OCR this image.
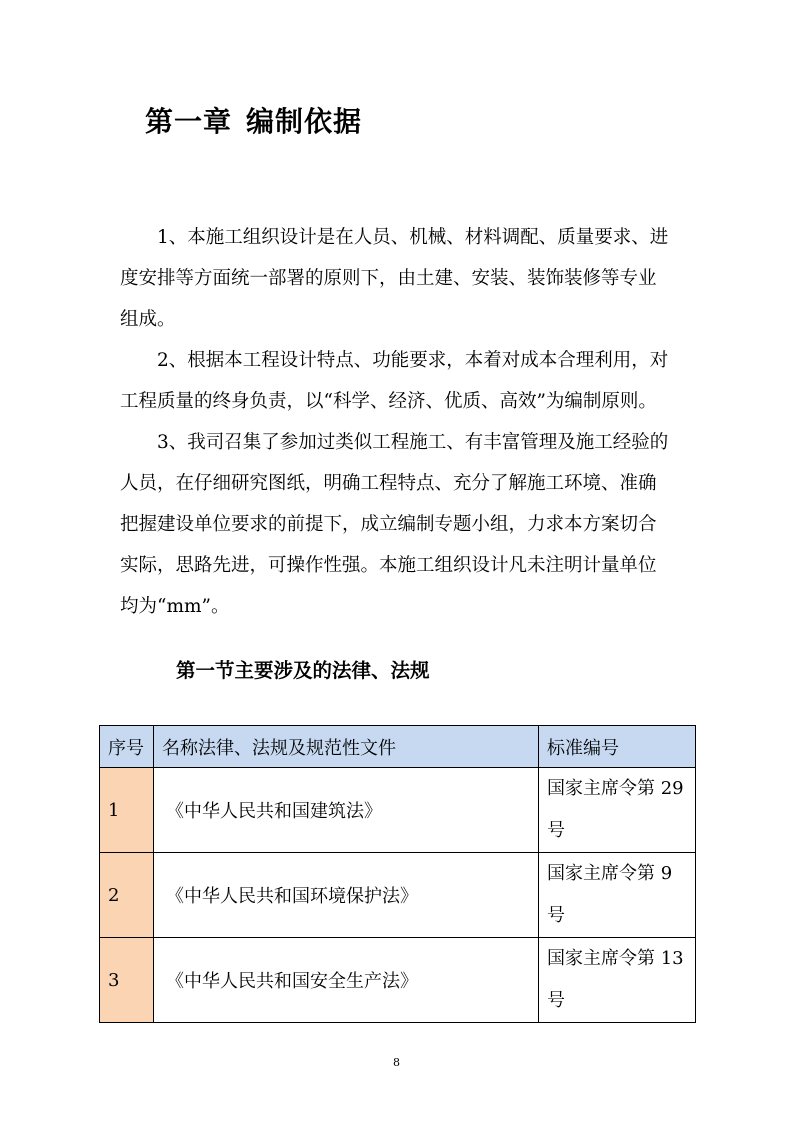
第一章 编制依据

1、本施工组织设计是在人员、机械、材料调配、质量要求、进

度安排等方面统一部署的原则下，由土建、安装、装饰装修等专业
组成。

2、根据本工程设计特点、功能要求，本着对成本合理利用，对

工程质量的终身负责，以“科学、经济、优质、高效”为编制原则。

3、我司召集了参加过类似工程施工、有丰富管理及施工经验的

人员，在仔细研究图纸，明确工程特点、充分了解施工环境、准确
把握建设单位要求的前提下，成立编制专题小组，力求本方案切合
实际，思路先进，可操作性强。本施工组织设计凡未注明计量单位
均为“mm”。

第一节主要涉及的法律、法规
序号	名称法律、法规及规范性文件	标准编号
1	《中华人民共和国建筑法》	国家主席令第 29 号
2	《中华人民共和国环境保护法》	国家主席令第 9 号
3	《中华人民共和国安全生产法》	国家主席令第 13 号
8
